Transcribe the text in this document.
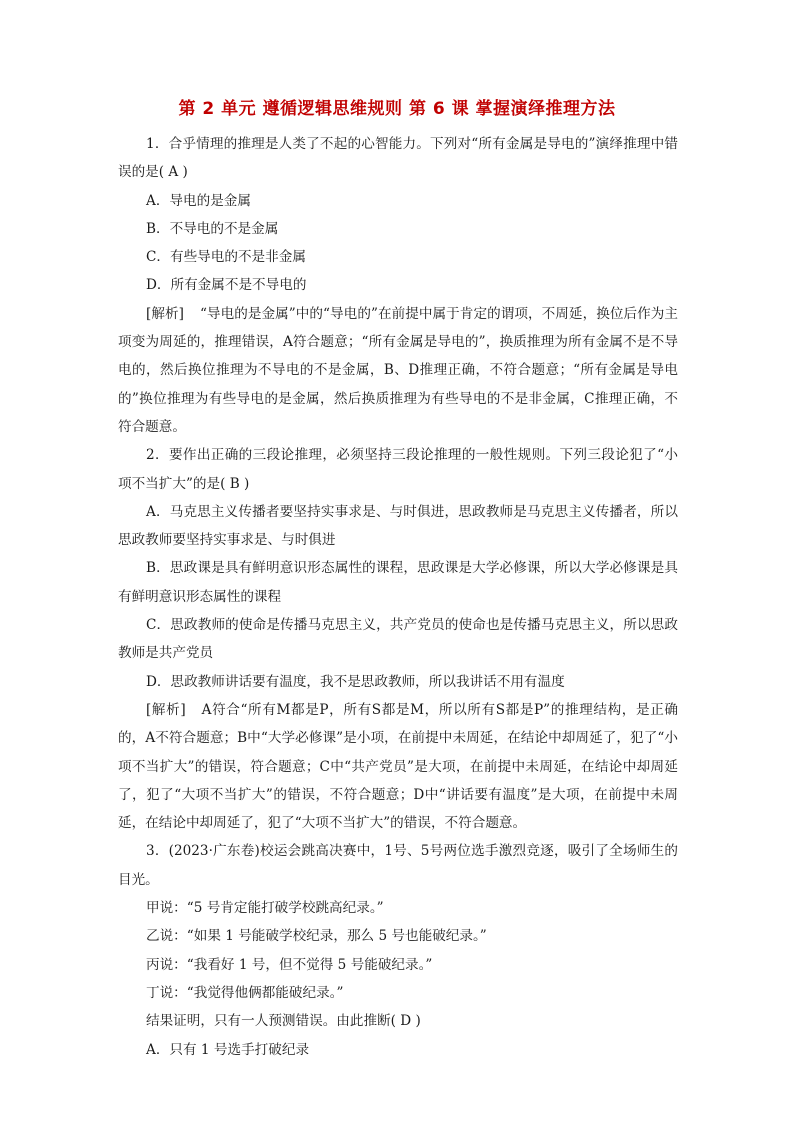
第 2 单元 遵循逻辑思维规则 第 6 课 掌握演绎推理方法

1．合乎情理的推理是人类了不起的心智能力。下列对“所有金属是导电的”演绎推理中错误的是( A )

A．导电的是金属

B．不导电的不是金属

C．有些导电的不是非金属

D．所有金属不是不导电的

[解析] “导电的是金属”中的“导电的”在前提中属于肯定的谓项，不周延，换位后作为主项变为周延的，推理错误，A符合题意；“所有金属是导电的”，换质推理为所有金属不是不导电的，然后换位推理为不导电的不是金属，B、D推理正确，不符合题意；“所有金属是导电的”换位推理为有些导电的是金属，然后换质推理为有些导电的不是非金属，C推理正确，不符合题意。

2．要作出正确的三段论推理，必须坚持三段论推理的一般性规则。下列三段论犯了“小项不当扩大”的是( B )

A．马克思主义传播者要坚持实事求是、与时俱进，思政教师是马克思主义传播者，所以思政教师要坚持实事求是、与时俱进

B．思政课是具有鲜明意识形态属性的课程，思政课是大学必修课，所以大学必修课是具有鲜明意识形态属性的课程

C．思政教师的使命是传播马克思主义，共产党员的使命也是传播马克思主义，所以思政教师是共产党员

D．思政教师讲话要有温度，我不是思政教师，所以我讲话不用有温度

[解析] A符合“所有M都是P，所有S都是M，所以所有S都是P”的推理结构，是正确的，A不符合题意；B中“大学必修课”是小项，在前提中未周延，在结论中却周延了，犯了“小项不当扩大”的错误，符合题意；C中“共产党员”是大项，在前提中未周延，在结论中却周延了，犯了“大项不当扩大”的错误，不符合题意；D中“讲话要有温度”是大项，在前提中未周延，在结论中却周延了，犯了“大项不当扩大”的错误，不符合题意。

3．(2023·广东卷)校运会跳高决赛中，1号、5号两位选手激烈竞逐，吸引了全场师生的目光。

甲说：“5 号肯定能打破学校跳高纪录。”

乙说：“如果 1 号能破学校纪录，那么 5 号也能破纪录。”

丙说：“我看好 1 号，但不觉得 5 号能破纪录。”

丁说：“我觉得他俩都能破纪录。”

结果证明，只有一人预测错误。由此推断( D )

A．只有 1 号选手打破纪录
